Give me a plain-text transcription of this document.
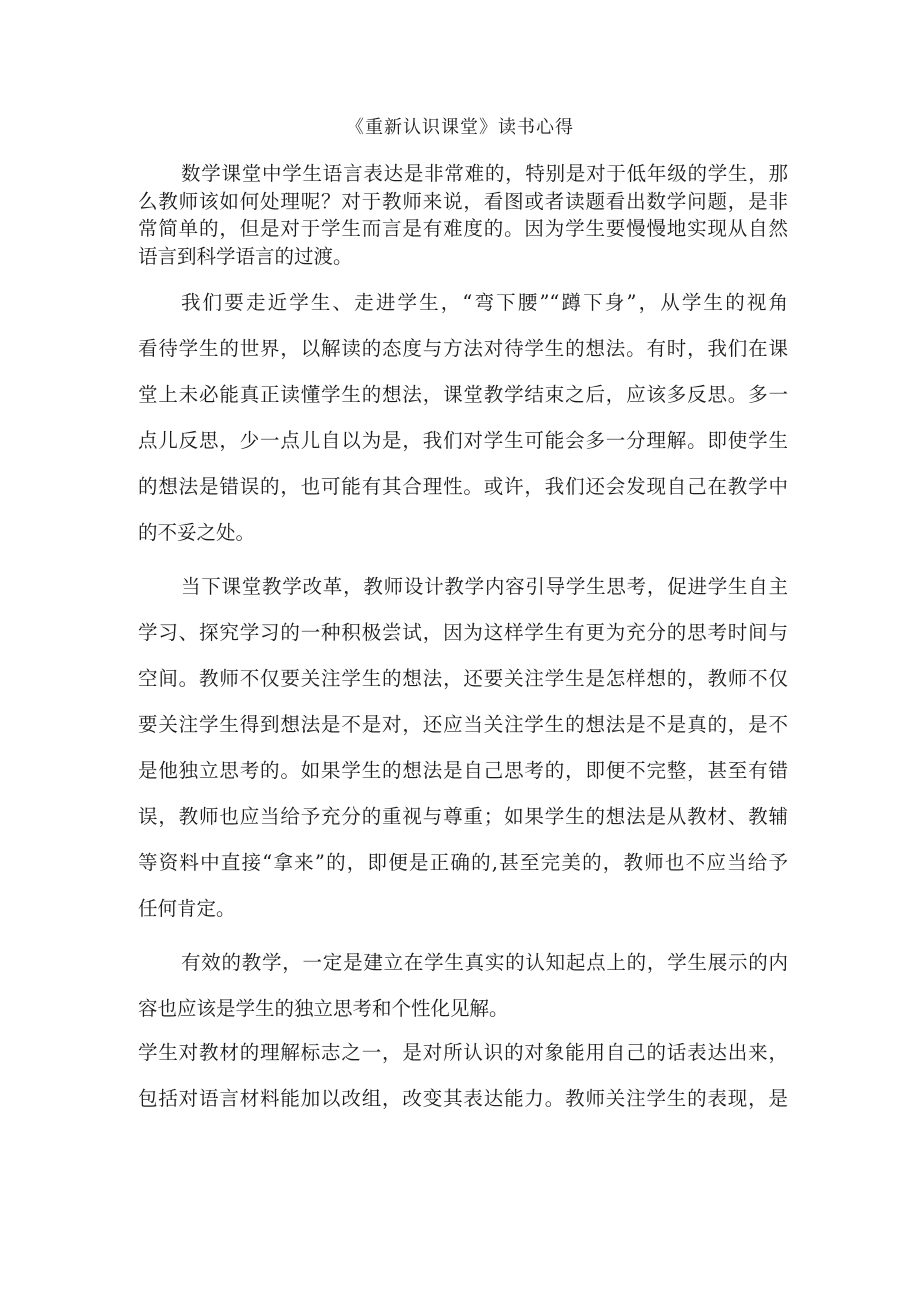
《重新认识课堂》读书心得

数学课堂中学生语言表达是非常难的，特别是对于低年级的学生，那

么教师该如何处理呢？对于教师来说，看图或者读题看出数学问题，是非

常简单的，但是对于学生而言是有难度的。因为学生要慢慢地实现从自然

语言到科学语言的过渡。

我们要走近学生、走进学生，“弯下腰”“蹲下身”，从学生的视角

看待学生的世界，以解读的态度与方法对待学生的想法。有时，我们在课

堂上未必能真正读懂学生的想法，课堂教学结束之后，应该多反思。多一

点儿反思，少一点儿自以为是，我们对学生可能会多一分理解。即使学生

的想法是错误的，也可能有其合理性。或许，我们还会发现自己在教学中

的不妥之处。

当下课堂教学改革，教师设计教学内容引导学生思考，促进学生自主

学习、探究学习的一种积极尝试，因为这样学生有更为充分的思考时间与

空间。教师不仅要关注学生的想法，还要关注学生是怎样想的，教师不仅

要关注学生得到想法是不是对，还应当关注学生的想法是不是真的，是不

是他独立思考的。如果学生的想法是自己思考的，即便不完整，甚至有错

误，教师也应当给予充分的重视与尊重；如果学生的想法是从教材、教辅

等资料中直接“拿来”的，即便是正确的,甚至完美的，教师也不应当给予

任何肯定。

有效的教学，一定是建立在学生真实的认知起点上的，学生展示的内

容也应该是学生的独立思考和个性化见解。

学生对教材的理解标志之一，是对所认识的对象能用自己的话表达出来，

包括对语言材料能加以改组，改变其表达能力。教师关注学生的表现，是
